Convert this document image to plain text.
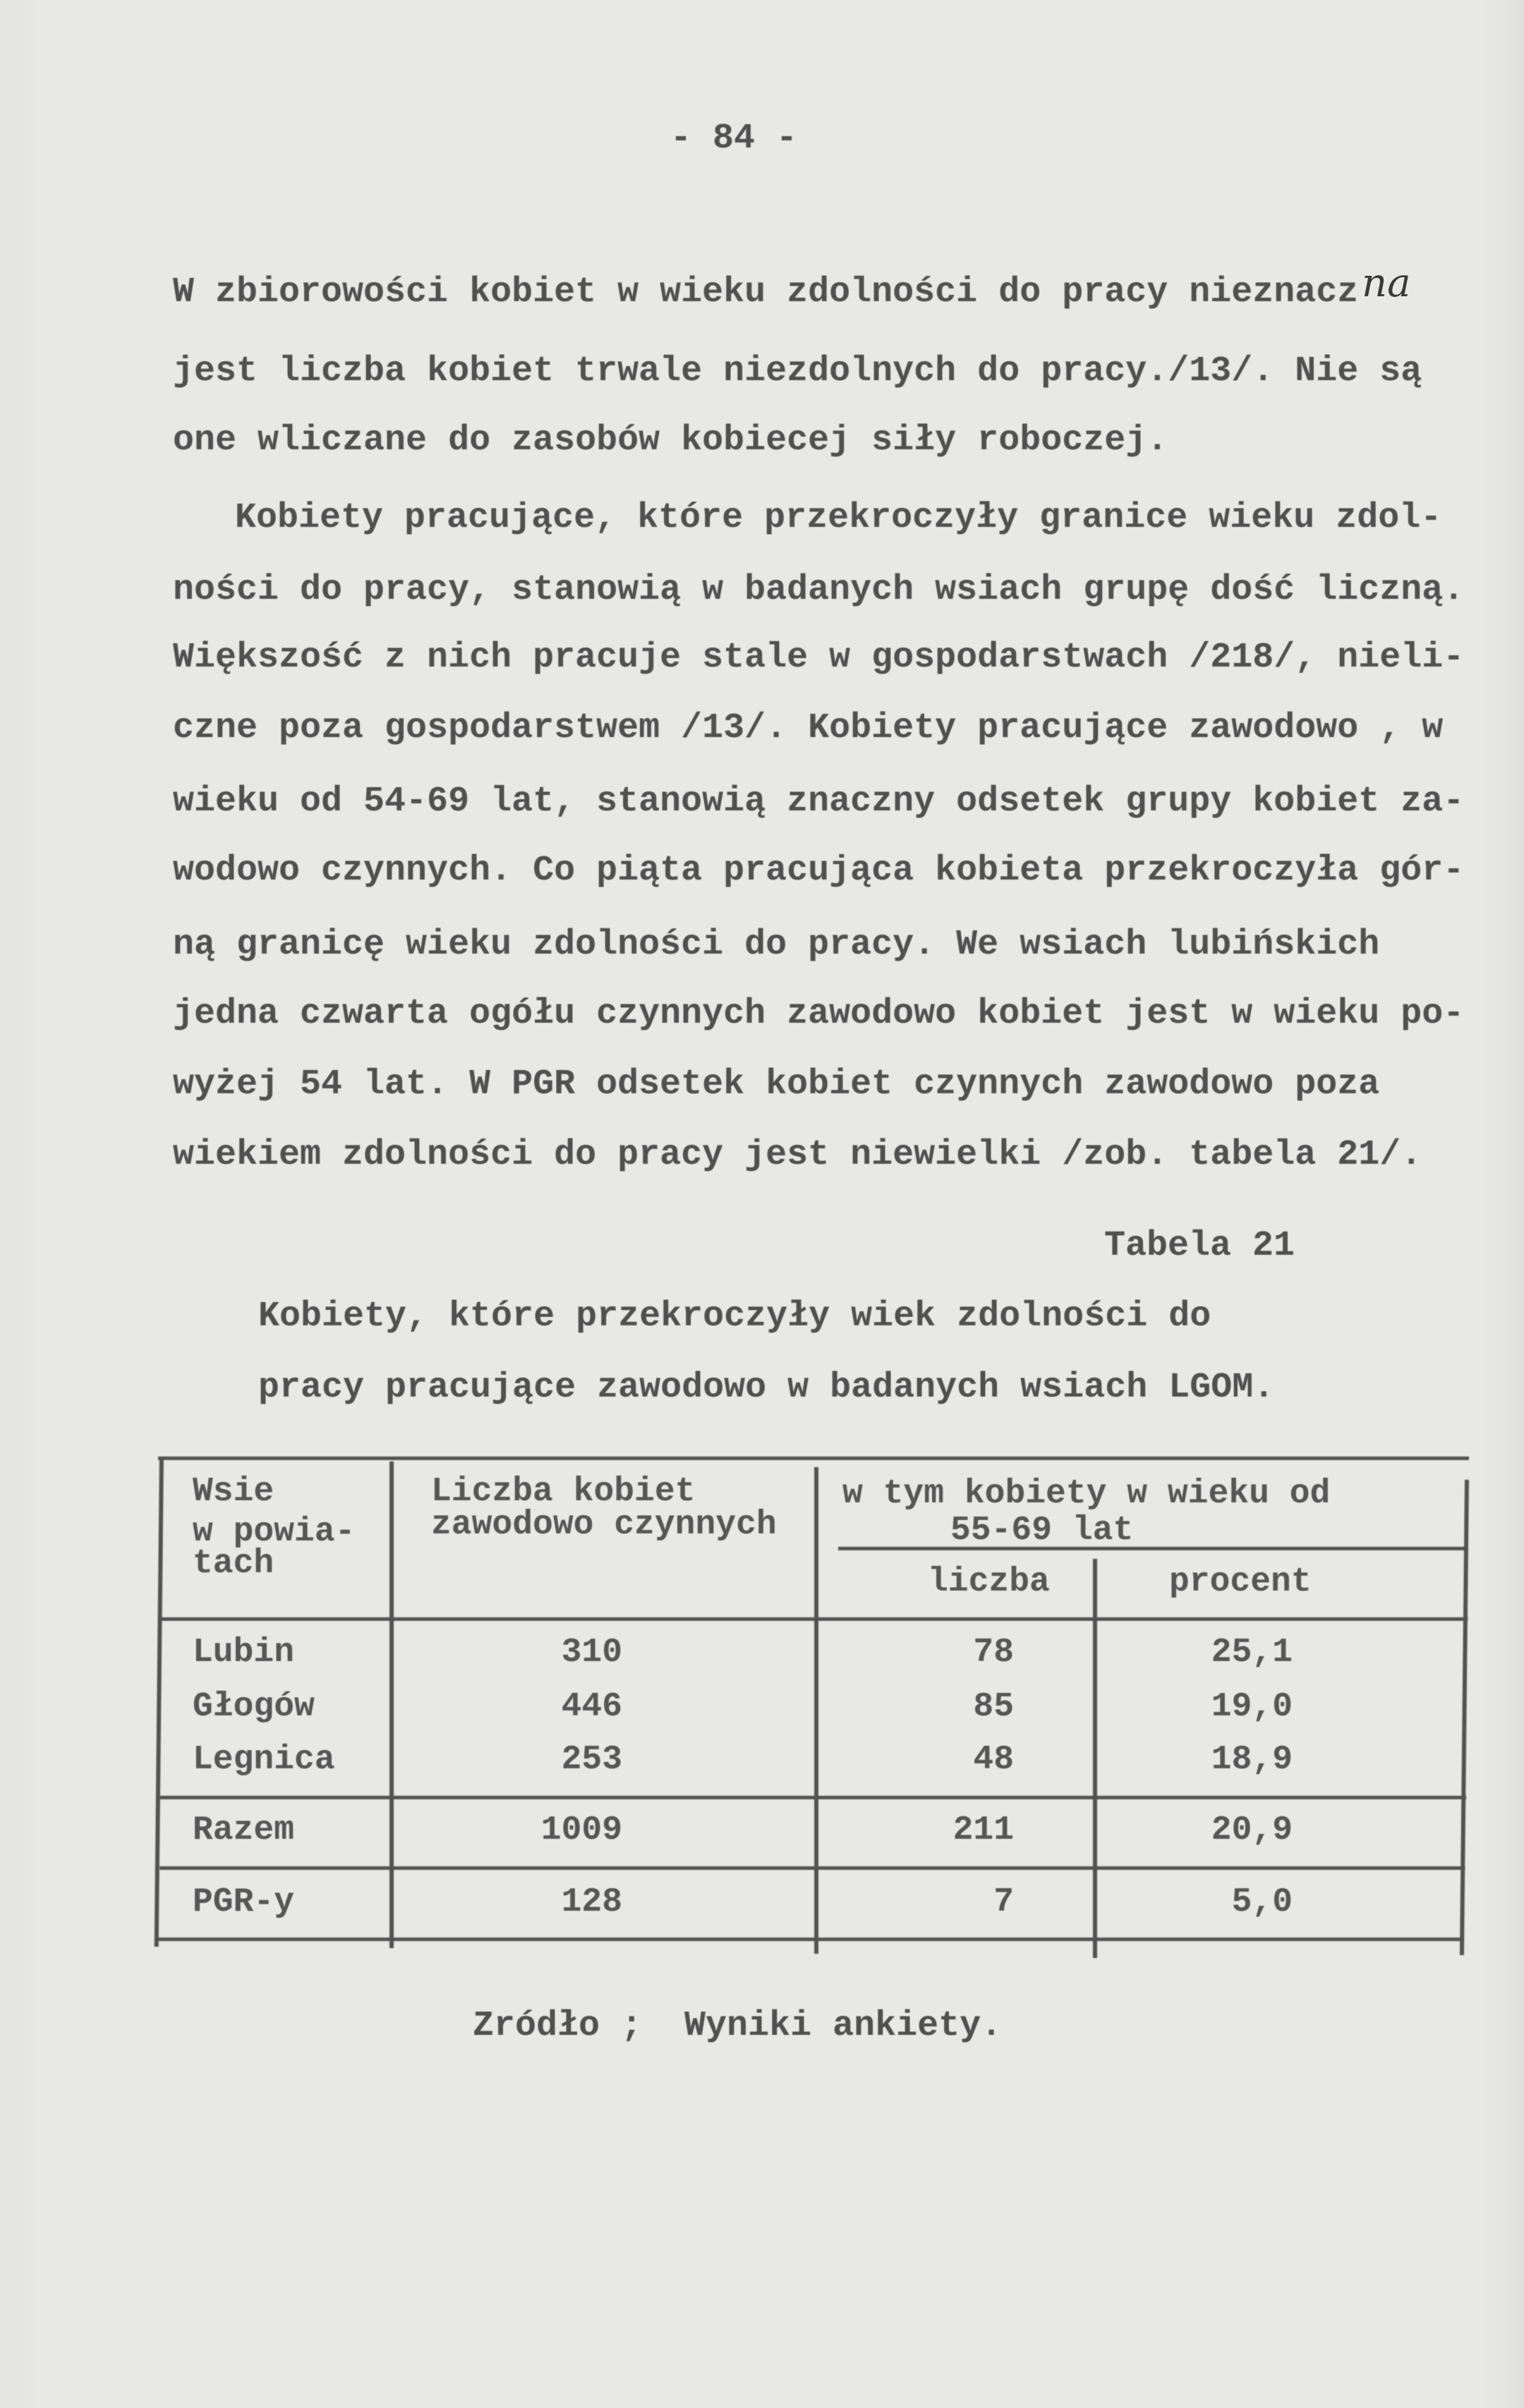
- 84 -
W zbiorowości kobiet w wieku zdolności do pracy nieznacz na
jest liczba kobiet trwale niezdolnych do pracy./13/. Nie są
one wliczane do zasobów kobiecej siły roboczej.
Kobiety pracujące, które przekroczyły granice wieku zdol-
ności do pracy, stanowią w badanych wsiach grupę dość liczną.
Większość z nich pracuje stale w gospodarstwach /218/, nieli-
czne poza gospodarstwem /13/. Kobiety pracujące zawodowo , w
wieku od 54-69 lat, stanowią znaczny odsetek grupy kobiet za-
wodowo czynnych. Co piąta pracująca kobieta przekroczyła gór-
ną granicę wieku zdolności do pracy. We wsiach lubińskich
jedna czwarta ogółu czynnych zawodowo kobiet jest w wieku po-
wyżej 54 lat. W PGR odsetek kobiet czynnych zawodowo poza
wiekiem zdolności do pracy jest niewielki /zob. tabela 21/.
Tabela 21
Kobiety, które przekroczyły wiek zdolności do
pracy pracujące zawodowo w badanych wsiach LGOM.
Wsie
w powia-
tach
Liczba kobiet
zawodowo czynnych
w tym kobiety w wieku od
55-69 lat
liczba	procent
Lubin	310	78	25,1
Głogów	446	85	19,0
Legnica	253	48	18,9
Razem	1009	211	20,9
PGR-y	128	7	5,0
Zródło ;  Wyniki ankiety.
